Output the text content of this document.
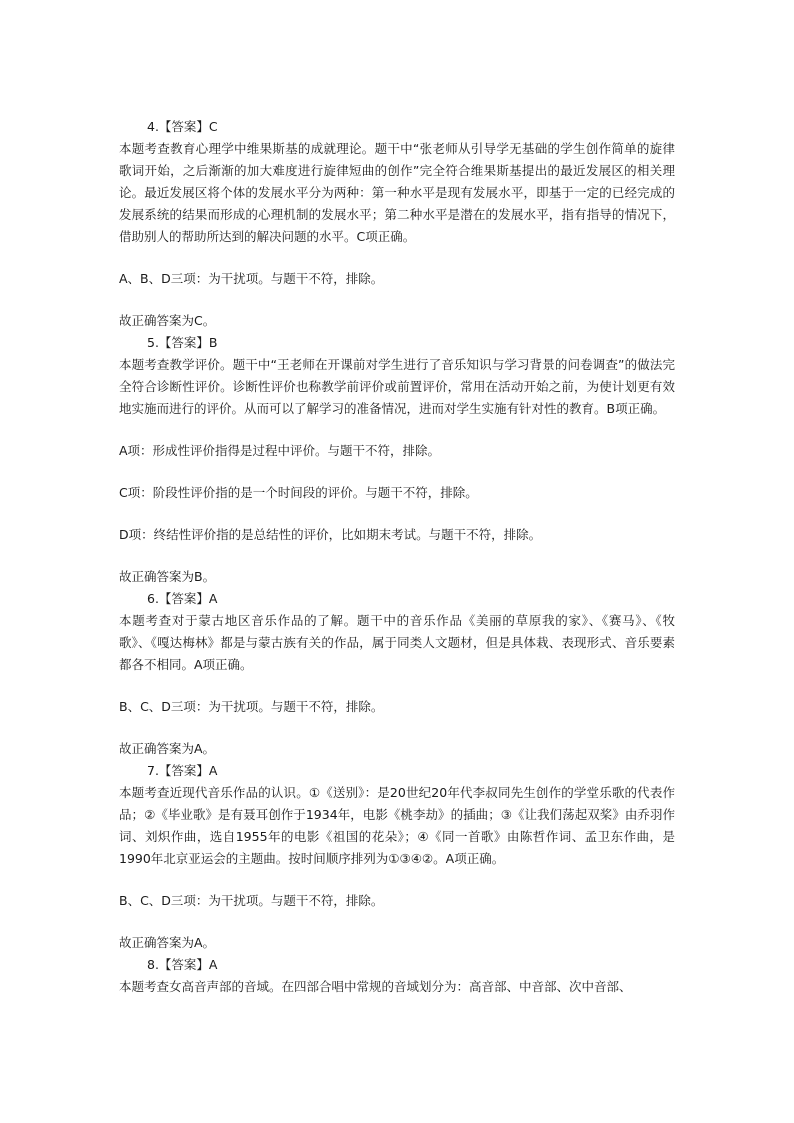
4.【答案】C

本题考查教育心理学中维果斯基的成就理论。题干中“张老师从引导学无基础的学生创作简单的旋律歌词开始，之后渐渐的加大难度进行旋律短曲的创作”完全符合维果斯基提出的最近发展区的相关理论。最近发展区将个体的发展水平分为两种：第一种水平是现有发展水平，即基于一定的已经完成的发展系统的结果而形成的心理机制的发展水平；第二种水平是潜在的发展水平，指有指导的情况下，借助别人的帮助所达到的解决问题的水平。C项正确。

A、B、D三项：为干扰项。与题干不符，排除。

故正确答案为C。

5.【答案】B

本题考查教学评价。题干中“王老师在开课前对学生进行了音乐知识与学习背景的问卷调查”的做法完全符合诊断性评价。诊断性评价也称教学前评价或前置评价，常用在活动开始之前，为使计划更有效地实施而进行的评价。从而可以了解学习的准备情况，进而对学生实施有针对性的教育。B项正确。

A项：形成性评价指得是过程中评价。与题干不符，排除。

C项：阶段性评价指的是一个时间段的评价。与题干不符，排除。

D项：终结性评价指的是总结性的评价，比如期末考试。与题干不符，排除。

故正确答案为B。

6.【答案】A

本题考查对于蒙古地区音乐作品的了解。题干中的音乐作品《美丽的草原我的家》、《赛马》、《牧歌》、《嘎达梅林》都是与蒙古族有关的作品，属于同类人文题材，但是具体栽、表现形式、音乐要素都各不相同。A项正确。

B、C、D三项：为干扰项。与题干不符，排除。

故正确答案为A。

7.【答案】A

本题考查近现代音乐作品的认识。①《送别》：是20世纪20年代李叔同先生创作的学堂乐歌的代表作品；②《毕业歌》是有聂耳创作于1934年，电影《桃李劫》的插曲；③《让我们荡起双桨》由乔羽作词、刘炽作曲，选自1955年的电影《祖国的花朵》；④《同一首歌》由陈哲作词、孟卫东作曲，是1990年北京亚运会的主题曲。按时间顺序排列为①③④②。A项正确。

B、C、D三项：为干扰项。与题干不符，排除。

故正确答案为A。

8.【答案】A

本题考查女高音声部的音域。在四部合唱中常规的音域划分为：高音部、中音部、次中音部、
